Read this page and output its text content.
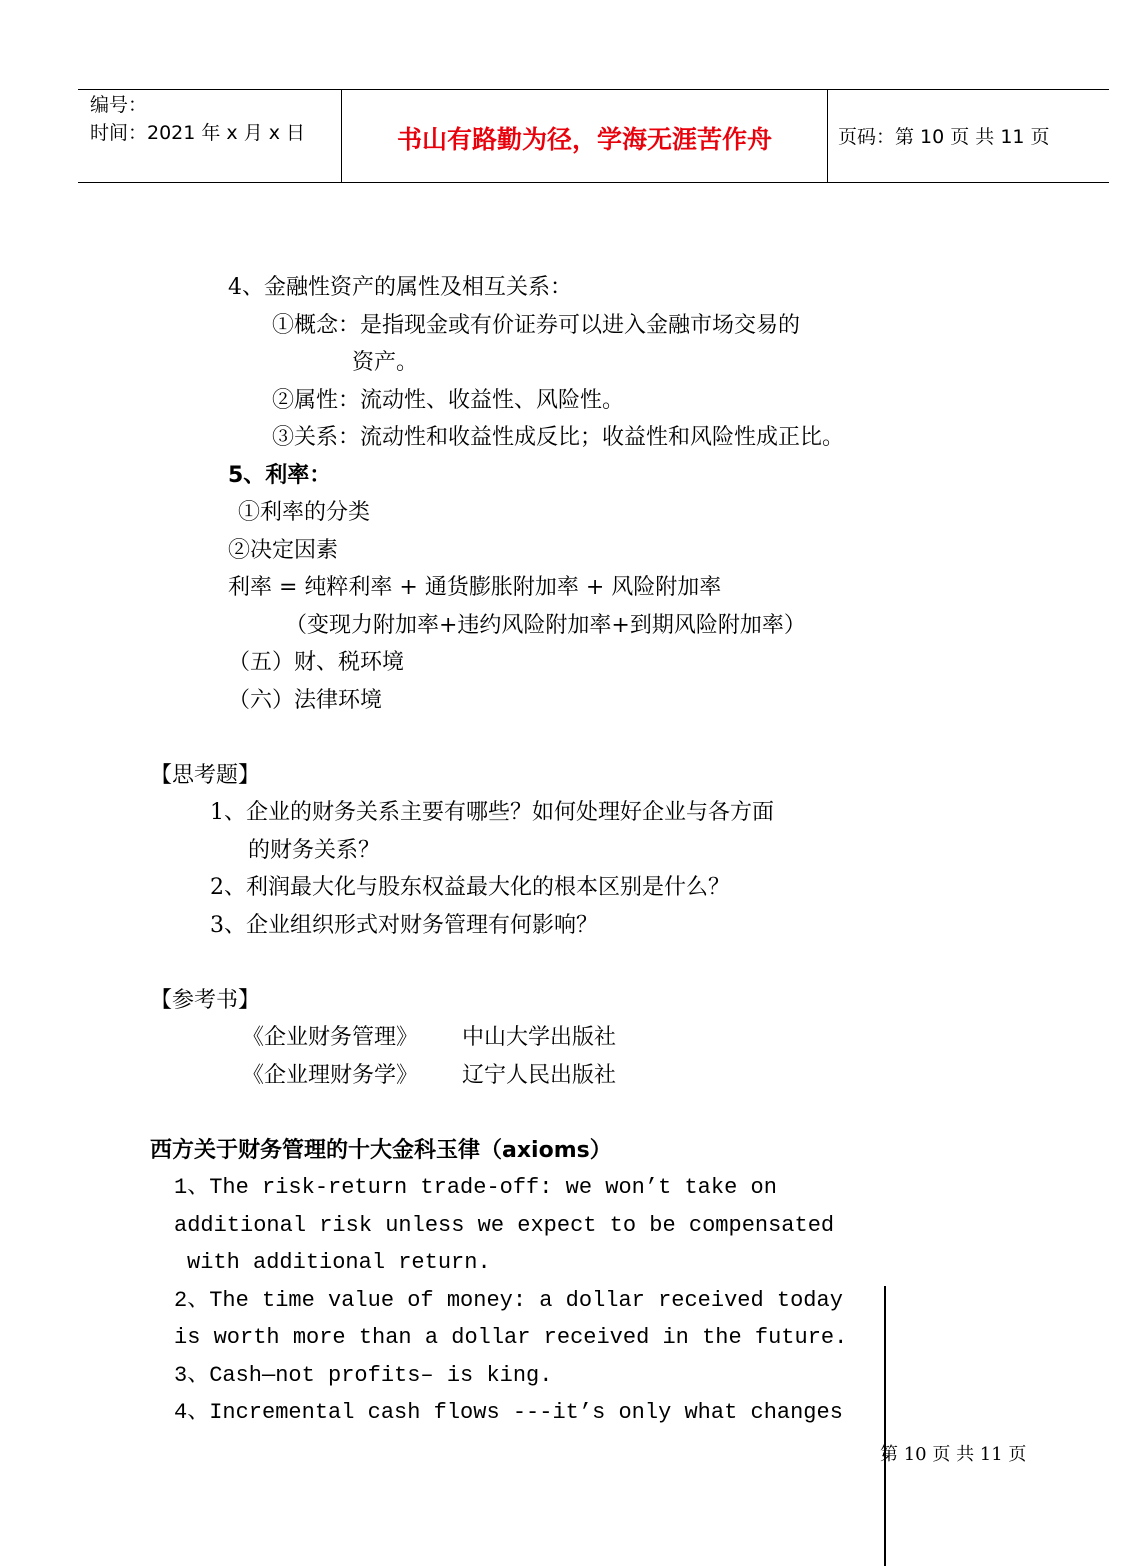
编号：
时间：2021 年 x 月 x 日	书山有路勤为径，学海无涯苦作舟	页码：第 10 页 共 11 页
4、金融性资产的属性及相互关系：
①概念：是指现金或有价证券可以进入金融市场交易的
资产。
②属性：流动性、收益性、风险性。
③关系：流动性和收益性成反比；收益性和风险性成正比。
5、利率：
①利率的分类
②决定因素
利率 = 纯粹利率 + 通货膨胀附加率 + 风险附加率
（变现力附加率+违约风险附加率+到期风险附加率）
（五）财、税环境
（六）法律环境
【思考题】
1、企业的财务关系主要有哪些？如何处理好企业与各方面
的财务关系？
2、利润最大化与股东权益最大化的根本区别是什么？
3、企业组织形式对财务管理有何影响？
【参考书】
《企业财务管理》 中山大学出版社
《企业理财务学》 辽宁人民出版社
西方关于财务管理的十大金科玉律（axioms）
1、The risk-return trade-off: we won’t take on
additional risk unless we expect to be compensated
with additional return.
2、The time value of money: a dollar received today
is worth more than a dollar received in the future.
3、Cash—not profits– is king.
4、Incremental cash flows ---it’s only what changes
第 10 页 共 11 页
